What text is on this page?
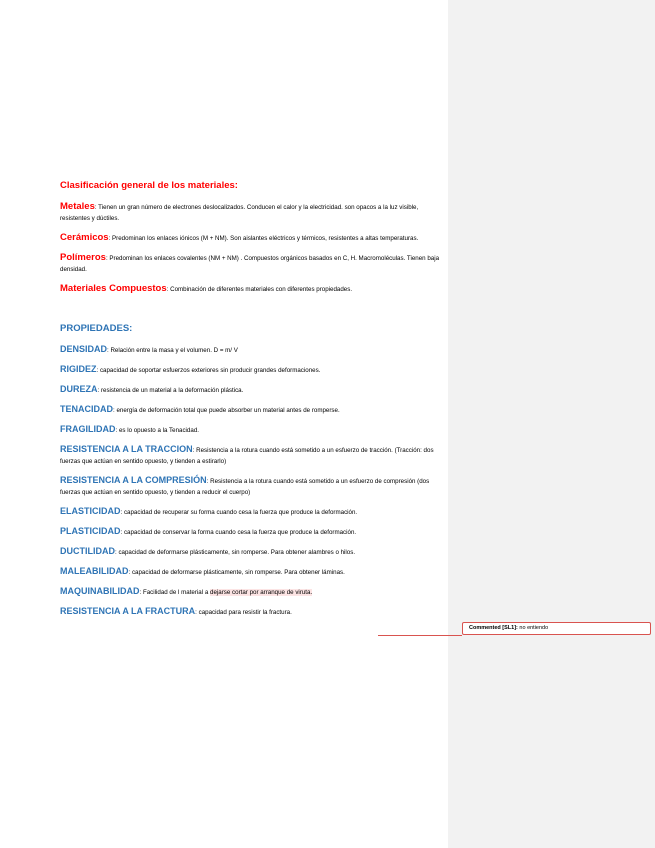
Clasificación general de los materiales:
Metales: Tienen un gran número de electrones deslocalizados. Conducen el calor y la electricidad. son opacos a la luz visible, resistentes y dúctiles.
Cerámicos: Predominan los enlaces iónicos (M + NM). Son aislantes eléctricos y térmicos, resistentes a altas temperaturas.
Polímeros: Predominan los enlaces covalentes (NM + NM) . Compuestos orgánicos basados en C, H. Macromoléculas. Tienen baja densidad.
Materiales Compuestos: Combinación de diferentes materiales con diferentes propiedades.
PROPIEDADES:
DENSIDAD: Relación entre la masa y el volumen. D = m/ V
RIGIDEZ: capacidad de soportar esfuerzos exteriores sin producir grandes deformaciones.
DUREZA: resistencia de un material a la deformación plástica.
TENACIDAD: energía de deformación total que puede absorber un material antes de romperse.
FRAGILIDAD: es lo opuesto a la Tenacidad.
RESISTENCIA A LA TRACCION: Resistencia a la rotura cuando está sometido a un esfuerzo de tracción. (Tracción: dos fuerzas que actúan en sentido opuesto, y tienden a estirarlo)
RESISTENCIA A LA COMPRESIÓN: Resistencia a la rotura cuando está sometido a un esfuerzo de compresión (dos fuerzas que actúan en sentido opuesto, y tienden a reducir el cuerpo)
ELASTICIDAD: capacidad de recuperar su forma cuando cesa la fuerza que produce la deformación.
PLASTICIDAD: capacidad de conservar la forma cuando cesa la fuerza que produce la deformación.
DUCTILIDAD: capacidad de deformarse plásticamente, sin romperse. Para obtener alambres o hilos.
MALEABILIDAD: capacidad de deformarse plásticamente, sin romperse. Para obtener láminas.
MAQUINABILIDAD: Facilidad de l material a dejarse cortar por arranque de viruta.
RESISTENCIA A LA FRACTURA: capacidad para resistir la fractura.
Commented [SL1]: no entiendo
